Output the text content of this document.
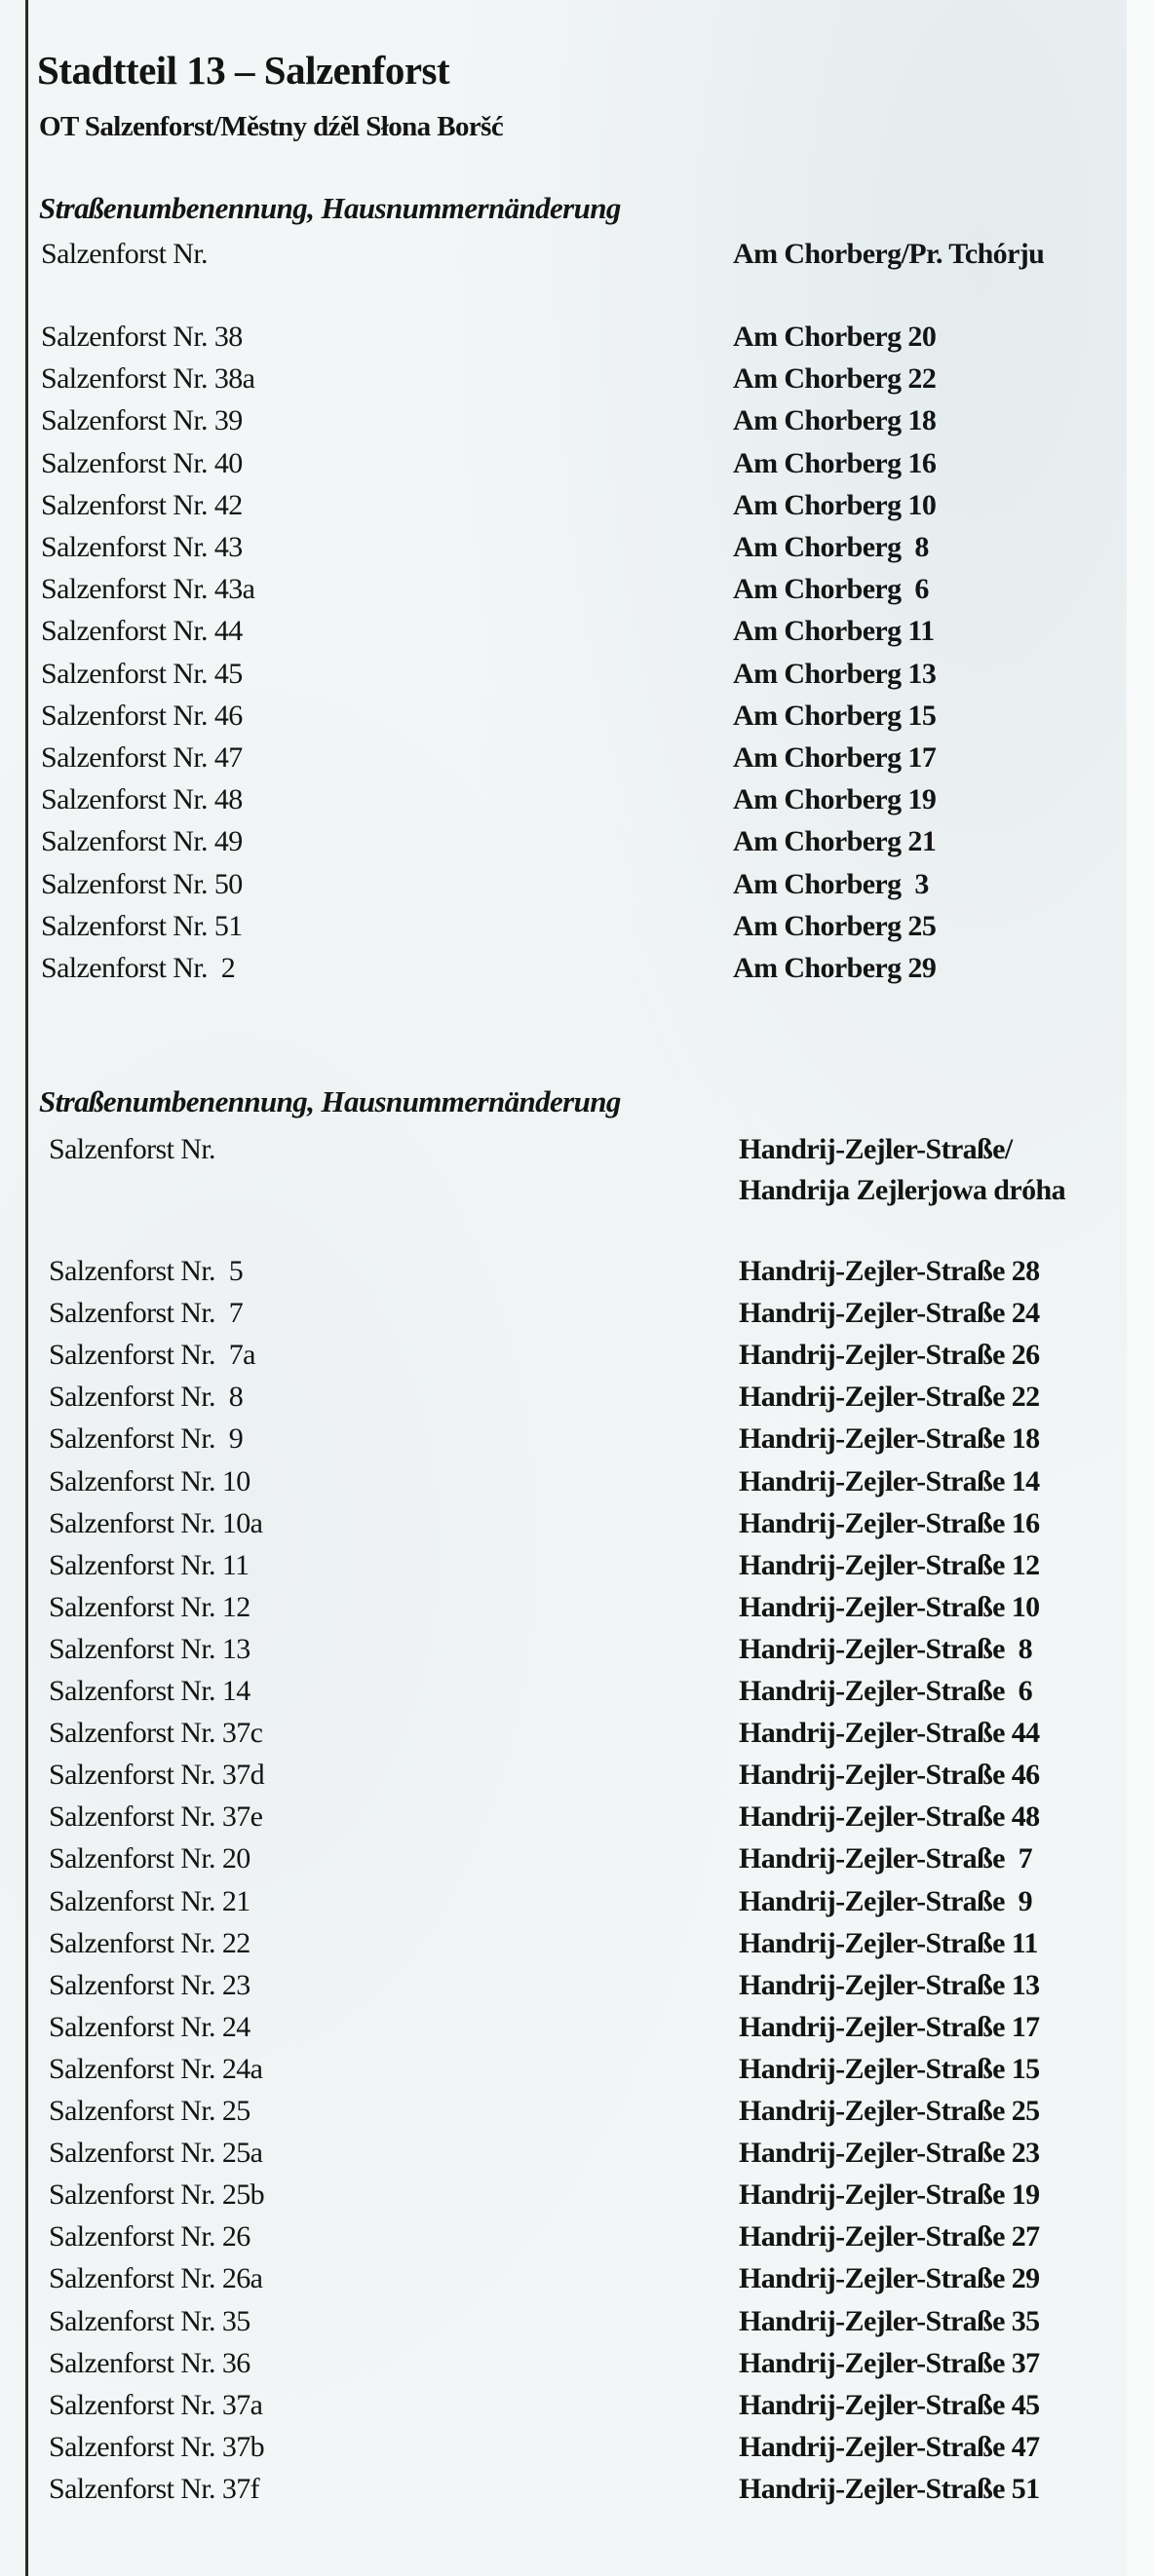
Stadtteil 13 – Salzenforst
OT Salzenforst/Městny dźěl Słona Boršć
Straßenumbenennung, Hausnummernänderung
Salzenforst Nr.	Am Chorberg/Pr. Tchórju
Salzenforst Nr. 38	Am Chorberg 20
Salzenforst Nr. 38a	Am Chorberg 22
Salzenforst Nr. 39	Am Chorberg 18
Salzenforst Nr. 40	Am Chorberg 16
Salzenforst Nr. 42	Am Chorberg 10
Salzenforst Nr. 43	Am Chorberg  8
Salzenforst Nr. 43a	Am Chorberg  6
Salzenforst Nr. 44	Am Chorberg 11
Salzenforst Nr. 45	Am Chorberg 13
Salzenforst Nr. 46	Am Chorberg 15
Salzenforst Nr. 47	Am Chorberg 17
Salzenforst Nr. 48	Am Chorberg 19
Salzenforst Nr. 49	Am Chorberg 21
Salzenforst Nr. 50	Am Chorberg  3
Salzenforst Nr. 51	Am Chorberg 25
Salzenforst Nr.  2	Am Chorberg 29
Straßenumbenennung, Hausnummernänderung
Salzenforst Nr.	Handrij-Zejler-Straße/
Handrija Zejlerjowa dróha
Salzenforst Nr.  5	Handrij-Zejler-Straße 28
Salzenforst Nr.  7	Handrij-Zejler-Straße 24
Salzenforst Nr.  7a	Handrij-Zejler-Straße 26
Salzenforst Nr.  8	Handrij-Zejler-Straße 22
Salzenforst Nr.  9	Handrij-Zejler-Straße 18
Salzenforst Nr. 10	Handrij-Zejler-Straße 14
Salzenforst Nr. 10a	Handrij-Zejler-Straße 16
Salzenforst Nr. 11	Handrij-Zejler-Straße 12
Salzenforst Nr. 12	Handrij-Zejler-Straße 10
Salzenforst Nr. 13	Handrij-Zejler-Straße  8
Salzenforst Nr. 14	Handrij-Zejler-Straße  6
Salzenforst Nr. 37c	Handrij-Zejler-Straße 44
Salzenforst Nr. 37d	Handrij-Zejler-Straße 46
Salzenforst Nr. 37e	Handrij-Zejler-Straße 48
Salzenforst Nr. 20	Handrij-Zejler-Straße  7
Salzenforst Nr. 21	Handrij-Zejler-Straße  9
Salzenforst Nr. 22	Handrij-Zejler-Straße 11
Salzenforst Nr. 23	Handrij-Zejler-Straße 13
Salzenforst Nr. 24	Handrij-Zejler-Straße 17
Salzenforst Nr. 24a	Handrij-Zejler-Straße 15
Salzenforst Nr. 25	Handrij-Zejler-Straße 25
Salzenforst Nr. 25a	Handrij-Zejler-Straße 23
Salzenforst Nr. 25b	Handrij-Zejler-Straße 19
Salzenforst Nr. 26	Handrij-Zejler-Straße 27
Salzenforst Nr. 26a	Handrij-Zejler-Straße 29
Salzenforst Nr. 35	Handrij-Zejler-Straße 35
Salzenforst Nr. 36	Handrij-Zejler-Straße 37
Salzenforst Nr. 37a	Handrij-Zejler-Straße 45
Salzenforst Nr. 37b	Handrij-Zejler-Straße 47
Salzenforst Nr. 37f	Handrij-Zejler-Straße 51
